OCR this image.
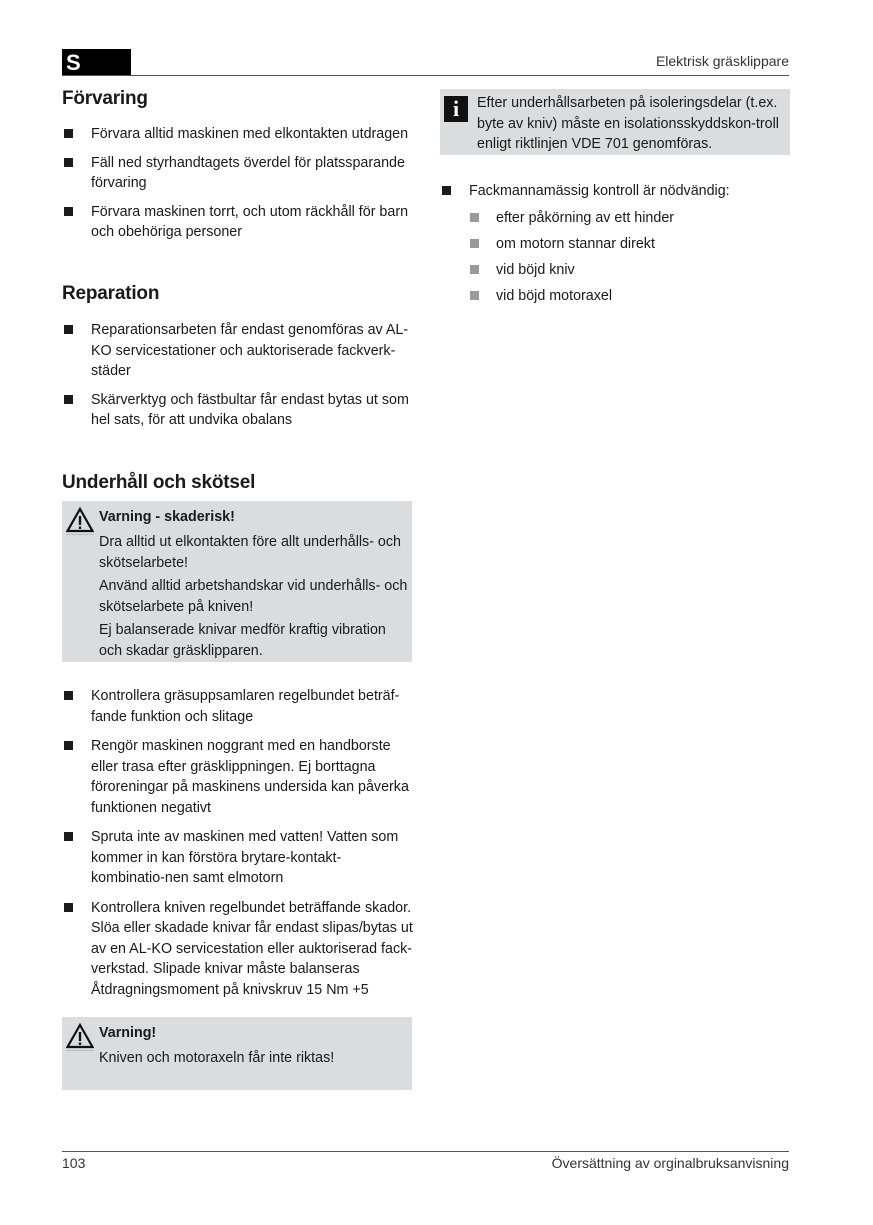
S	Elektrisk gräsklippare
Förvaring
Förvara alltid maskinen med elkontakten utdragen
Fäll ned styrhandtagets överdel för platssparande förvaring
Förvara maskinen torrt, och utom räckhåll för barn och obehöriga personer
Reparation
Reparationsarbeten får endast genomföras av AL-KO servicestationer och auktoriserade fackverk-städer
Skärverktyg och fästbultar får endast bytas ut som hel sats, för att undvika obalans
Underhåll och skötsel
Varning - skaderisk!

Dra alltid ut elkontakten före allt underhålls- och skötselarbete!

Använd alltid arbetshandskar vid underhålls- och skötselarbete på kniven!

Ej balanserade knivar medför kraftig vibration och skadar gräsklipparen.

Kontrollera gräsuppsamlaren regelbundet beträf-fande funktion och slitage
Rengör maskinen noggrant med en handborste eller trasa efter gräsklippningen. Ej borttagna föroreningar på maskinens undersida kan påverka funktionen negativt
Spruta inte av maskinen med vatten! Vatten som kommer in kan förstöra brytare-kontakt-kombinatio-nen samt elmotorn
Kontrollera kniven regelbundet beträffande skador. Slöa eller skadade knivar får endast slipas/bytas ut av en AL-KO servicestation eller auktoriserad fack-verkstad. Slipade knivar måste balanseras Åtdragningsmoment på knivskruv 15 Nm +5
Varning!

Kniven och motoraxeln får inte riktas!

i	Efter underhållsarbeten på isoleringsdelar (t.ex. byte av kniv) måste en isolationsskyddskon-troll enligt riktlinjen VDE 701 genomföras.
Fackmannamässig kontroll är nödvändig:
efter påkörning av ett hinder
om motorn stannar direkt
vid böjd kniv
vid böjd motoraxel
103	Översättning av orginalbruksanvisning
